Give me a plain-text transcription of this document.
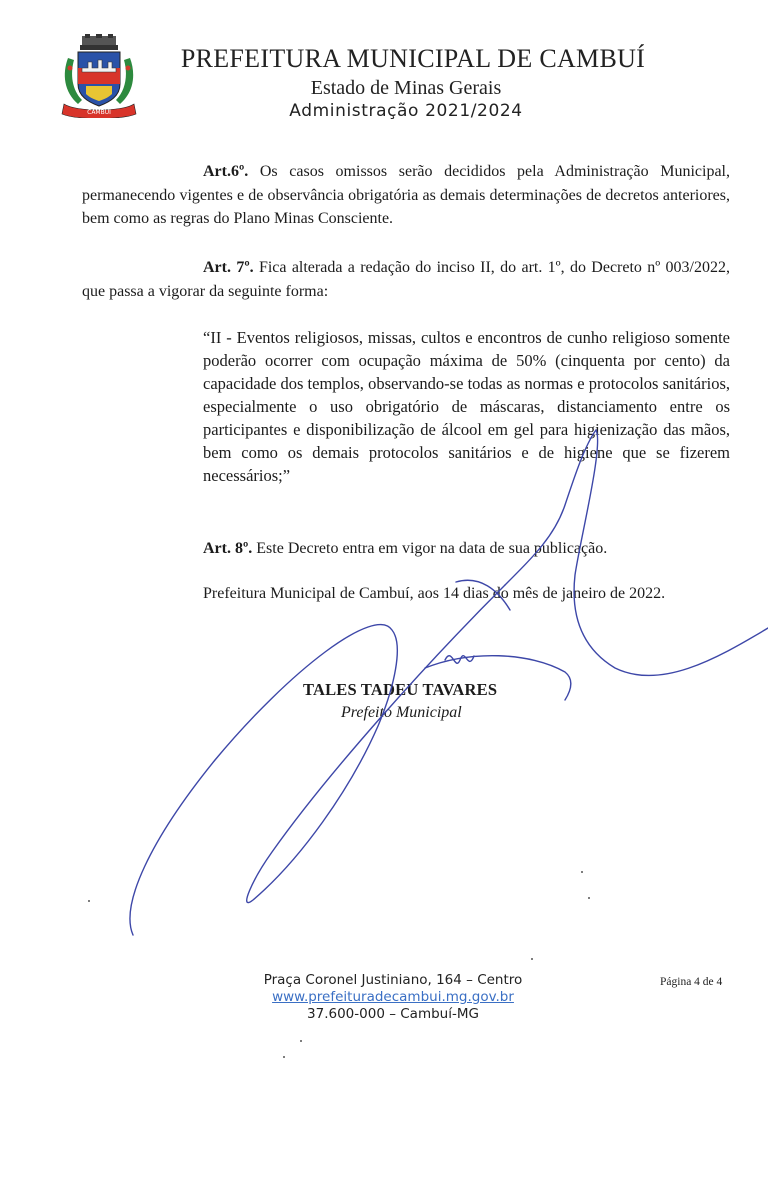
CAMBUÍ
PREFEITURA MUNICIPAL DE CAMBUÍ
Estado de Minas Gerais
Administração 2021/2024
Art.6º. Os casos omissos serão decididos pela Administração Municipal, permanecendo vigentes e de observância obrigatória as demais determinações de decretos anteriores, bem como as regras do Plano Minas Consciente.
Art. 7º. Fica alterada a redação do inciso II, do art. 1º, do Decreto nº 003/2022, que passa a vigorar da seguinte forma:
“II - Eventos religiosos, missas, cultos e encontros de cunho religioso somente poderão ocorrer com ocupação máxima de 50% (cinquenta por cento) da capacidade dos templos, observando-se todas as normas e protocolos sanitários, especialmente o uso obrigatório de máscaras, distanciamento entre os participantes e disponibilização de álcool em gel para higienização das mãos, bem como os demais protocolos sanitários e de higiene que se fizerem necessários;”
Art. 8º. Este Decreto entra em vigor na data de sua publicação.
Prefeitura Municipal de Cambuí, aos 14 dias do mês de janeiro de 2022.
TALES TADEU TAVARES
Prefeito Municipal
Praça Coronel Justiniano, 164 – Centro
www.prefeituradecambui.mg.gov.br
37.600-000 – Cambuí-MG
Página 4 de 4
